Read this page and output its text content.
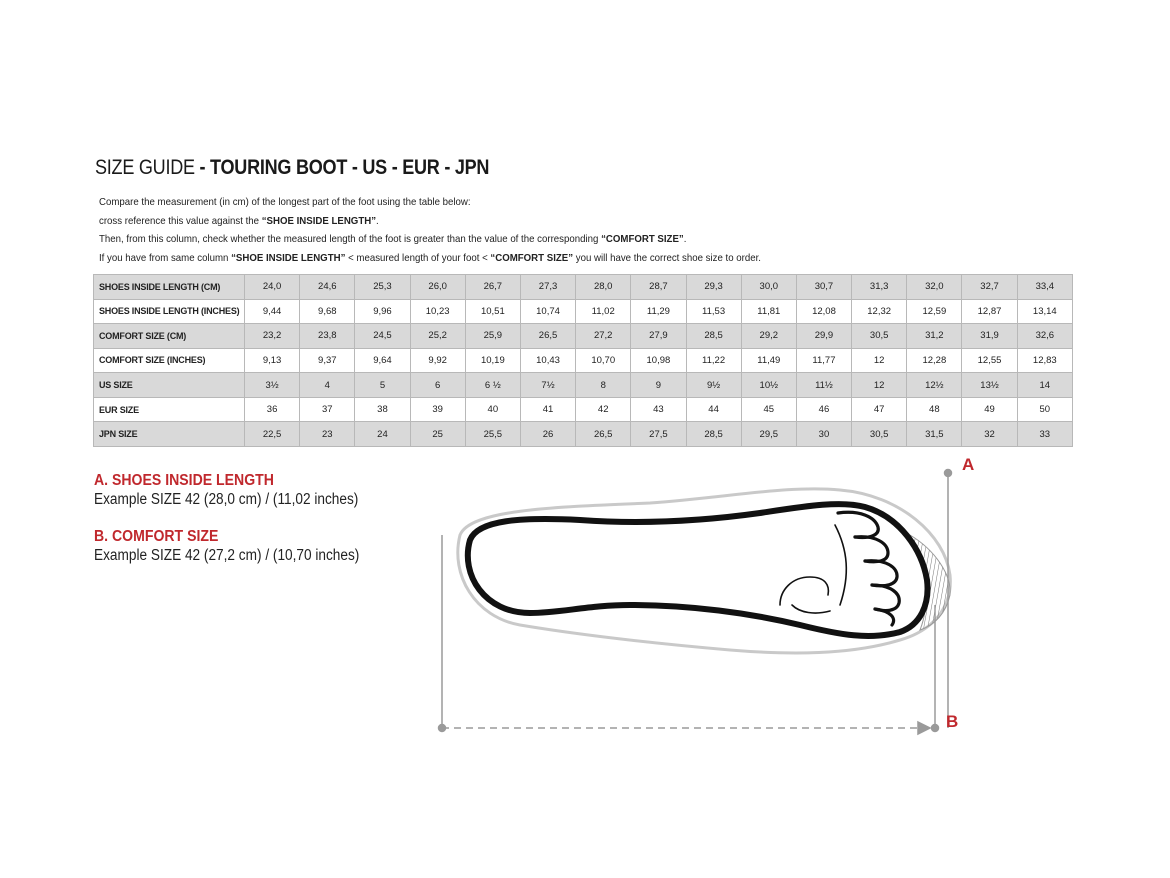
SIZE GUIDE - TOURING BOOT - US - EUR - JPN

Compare the measurement (in cm) of the longest part of the foot using the table below:

cross reference this value against the “SHOE INSIDE LENGTH”.

Then, from this column, check whether the measured length of the foot is greater than the value of the corresponding “COMFORT SIZE”.

If you have from same column “SHOE INSIDE LENGTH” < measured length of your foot < “COMFORT SIZE” you will have the correct shoe size to order.

SHOES INSIDE LENGTH (CM)	24,0	24,6	25,3	26,0	26,7	27,3	28,0	28,7	29,3	30,0	30,7	31,3	32,0	32,7	33,4
SHOES INSIDE LENGTH (INCHES)	9,44	9,68	9,96	10,23	10,51	10,74	11,02	11,29	11,53	11,81	12,08	12,32	12,59	12,87	13,14
COMFORT SIZE (CM)	23,2	23,8	24,5	25,2	25,9	26,5	27,2	27,9	28,5	29,2	29,9	30,5	31,2	31,9	32,6
COMFORT SIZE (INCHES)	9,13	9,37	9,64	9,92	10,19	10,43	10,70	10,98	11,22	11,49	11,77	12	12,28	12,55	12,83
US SIZE	3½	4	5	6	6 ½	7½	8	9	9½	10½	11½	12	12½	13½	14
EUR SIZE	36	37	38	39	40	41	42	43	44	45	46	47	48	49	50
JPN SIZE	22,5	23	24	25	25,5	26	26,5	27,5	28,5	29,5	30	30,5	31,5	32	33
A. SHOES INSIDE LENGTH
Example SIZE 42 (28,0 cm) / (11,02 inches)
B. COMFORT SIZE
Example SIZE 42 (27,2 cm) / (10,70 inches)
A
B
